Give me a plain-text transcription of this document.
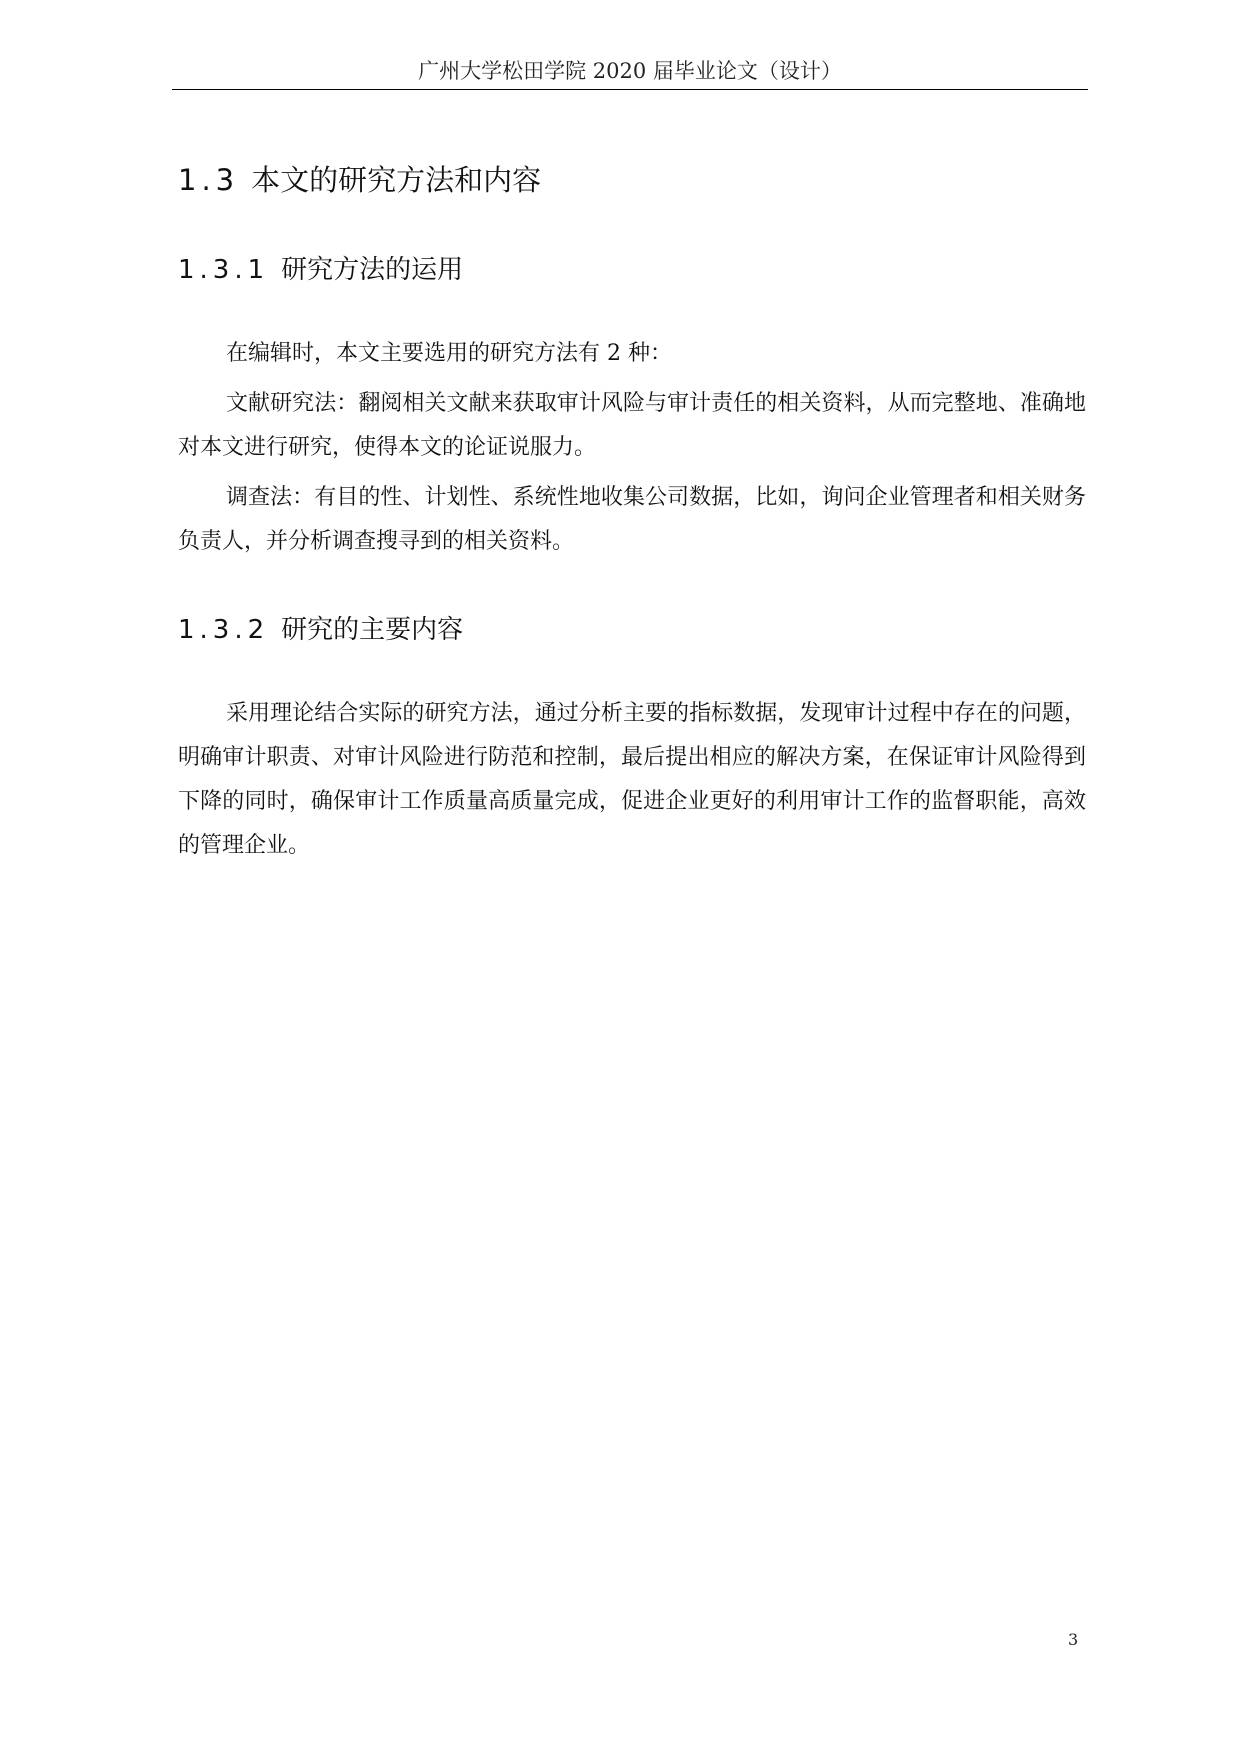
广州大学松田学院 2020 届毕业论文（设计）
1.3 本文的研究方法和内容
1.3.1 研究方法的运用

在编辑时，本文主要选用的研究方法有 2 种：

文献研究法：翻阅相关文献来获取审计风险与审计责任的相关资料，从而完整地、准确地对本文进行研究，使得本文的论证说服力。

调查法：有目的性、计划性、系统性地收集公司数据，比如，询问企业管理者和相关财务负责人，并分析调查搜寻到的相关资料。

1.3.2 研究的主要内容

采用理论结合实际的研究方法，通过分析主要的指标数据，发现审计过程中存在的问题，明确审计职责、对审计风险进行防范和控制，最后提出相应的解决方案，在保证审计风险得到下降的同时，确保审计工作质量高质量完成，促进企业更好的利用审计工作的监督职能，高效的管理企业。

3
